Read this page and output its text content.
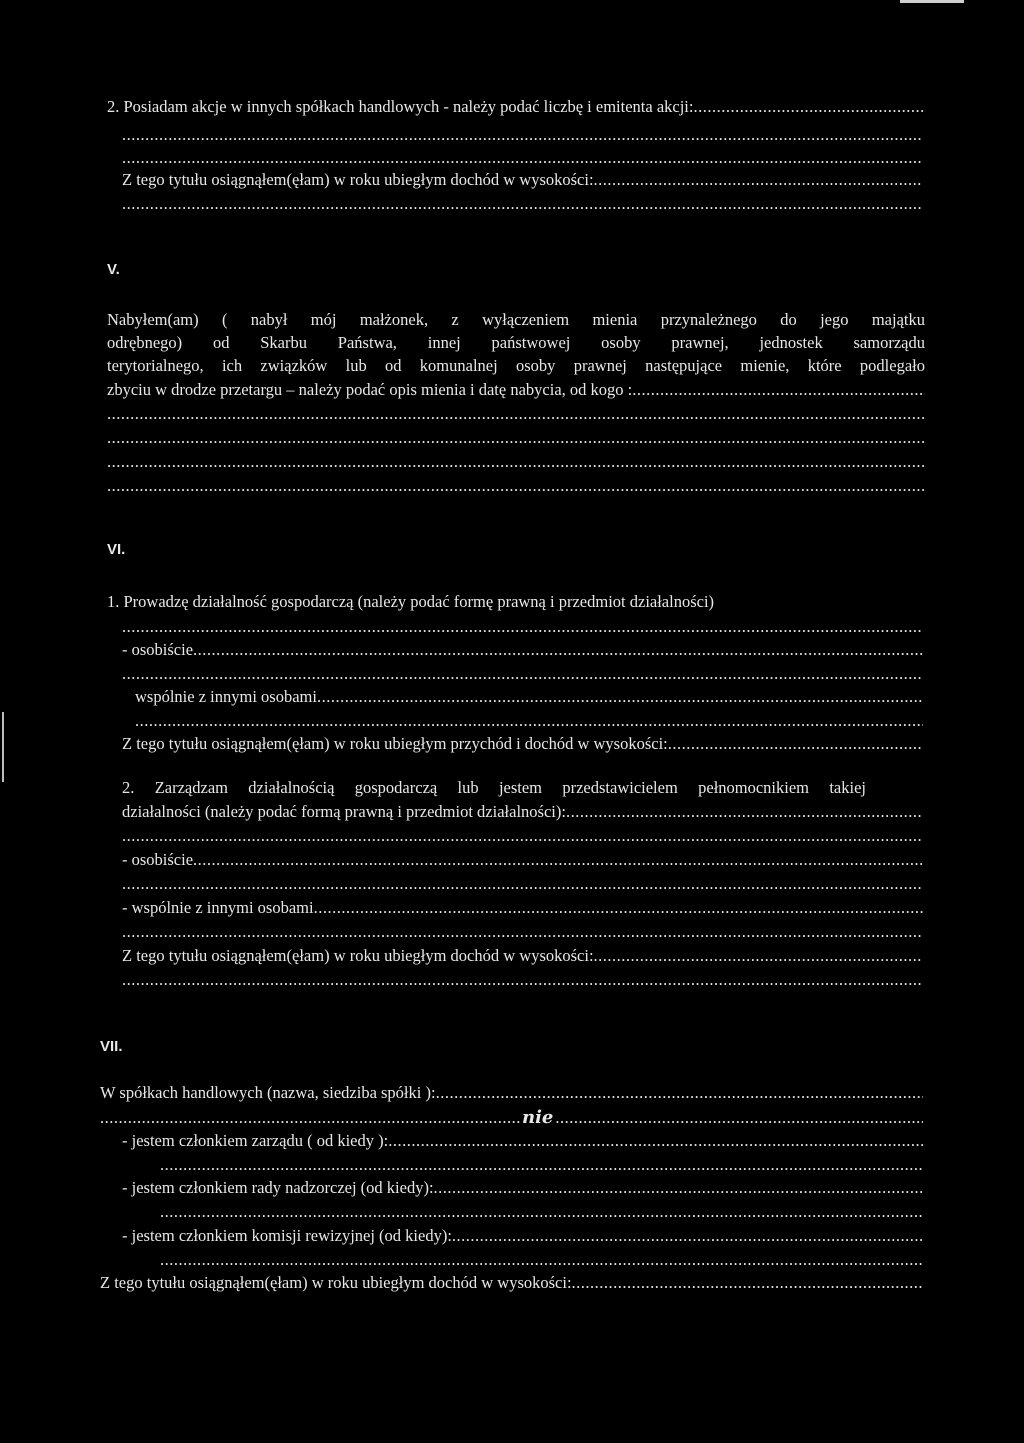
2. Posiadam akcje w innych spółkach handlowych - należy podać liczbę i emitenta akcji:
.....
.....
.....
Z tego tytułu osiągnąłem(ęłam) w roku ubiegłym dochód w wysokości:
.....
.....
V.
Nabyłem(am) ( nabył mój małżonek, z wyłączeniem mienia przynależnego do jego majątku
odrębnego) od Skarbu Państwa, innej państwowej osoby prawnej, jednostek samorządu
terytorialnego, ich związków lub od komunalnej osoby prawnej następujące mienie, które podlegało
zbyciu w drodze przetargu – należy podać opis mienia i datę nabycia, od kogo :
.....
.....
.....
.....
.....
VI.
1. Prowadzę działalność gospodarczą (należy podać formę prawną i przedmiot działalności)
.....
- osobiście
.....
.....
wspólnie z innymi osobami
.....
.....
Z tego tytułu osiągnąłem(ęłam) w roku ubiegłym przychód i dochód w wysokości:
.....
2. Zarządzam działalnością gospodarczą lub jestem przedstawicielem pełnomocnikiem takiej
działalności (należy podać formą prawną i przedmiot działalności):
.....
.....
- osobiście
.....
.....
- wspólnie z innymi osobami
.....
.....
Z tego tytułu osiągnąłem(ęłam) w roku ubiegłym dochód w wysokości:
.....
.....
VII.
W spółkach handlowych (nazwa, siedziba spółki ):
.....
.....
nie
.....
- jestem członkiem zarządu ( od kiedy ):
.....
.....
- jestem członkiem rady nadzorczej (od kiedy):
.....
.....
- jestem członkiem komisji rewizyjnej (od kiedy):
.....
.....
Z tego tytułu osiągnąłem(ęłam) w roku ubiegłym dochód w wysokości:
.....
